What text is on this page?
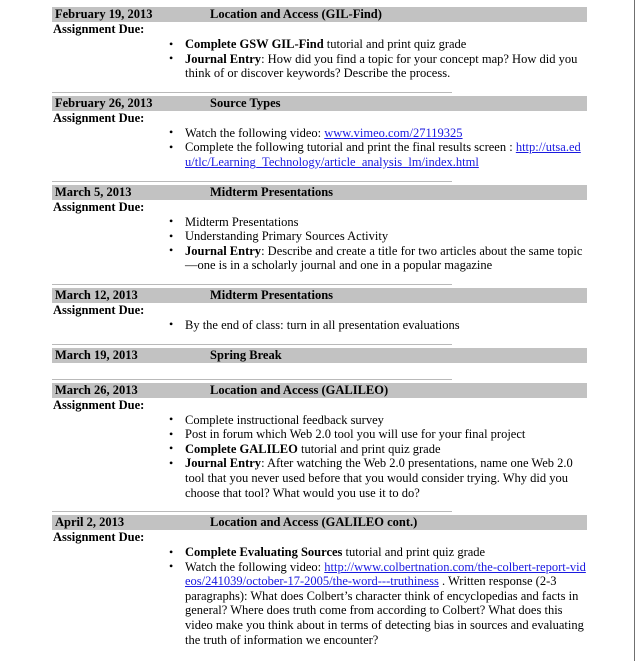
February 19, 2013	Location and Access (GIL-Find)
Assignment Due:
• Complete GSW GIL-Find tutorial and print quiz grade
• Journal Entry: How did you find a topic for your concept map? How did you think of or discover keywords? Describe the process.
February 26, 2013	Source Types
Assignment Due:
• Watch the following video: www.vimeo.com/27119325
• Complete the following tutorial and print the final results screen : http://utsa.edu/tlc/Learning_Technology/article_analysis_lm/index.html
March 5, 2013	Midterm Presentations
Assignment Due:
• Midterm Presentations
• Understanding Primary Sources Activity
• Journal Entry: Describe and create a title for two articles about the same topic—one is in a scholarly journal and one in a popular magazine
March 12, 2013	Midterm Presentations
Assignment Due:
• By the end of class: turn in all presentation evaluations
March 19, 2013	Spring Break
March 26, 2013	Location and Access (GALILEO)
Assignment Due:
• Complete instructional feedback survey
• Post in forum which Web 2.0 tool you will use for your final project
• Complete GALILEO tutorial and print quiz grade
• Journal Entry: After watching the Web 2.0 presentations, name one Web 2.0 tool that you never used before that you would consider trying. Why did you choose that tool? What would you use it to do?
April 2, 2013	Location and Access (GALILEO cont.)
Assignment Due:
• Complete Evaluating Sources tutorial and print quiz grade
• Watch the following video: http://www.colbertnation.com/the-colbert-report-videos/241039/october-17-2005/the-word---truthiness . Written response (2-3 paragraphs): What does Colbert’s character think of encyclopedias and facts in general? Where does truth come from according to Colbert? What does this video make you think about in terms of detecting bias in sources and evaluating the truth of information we encounter?
